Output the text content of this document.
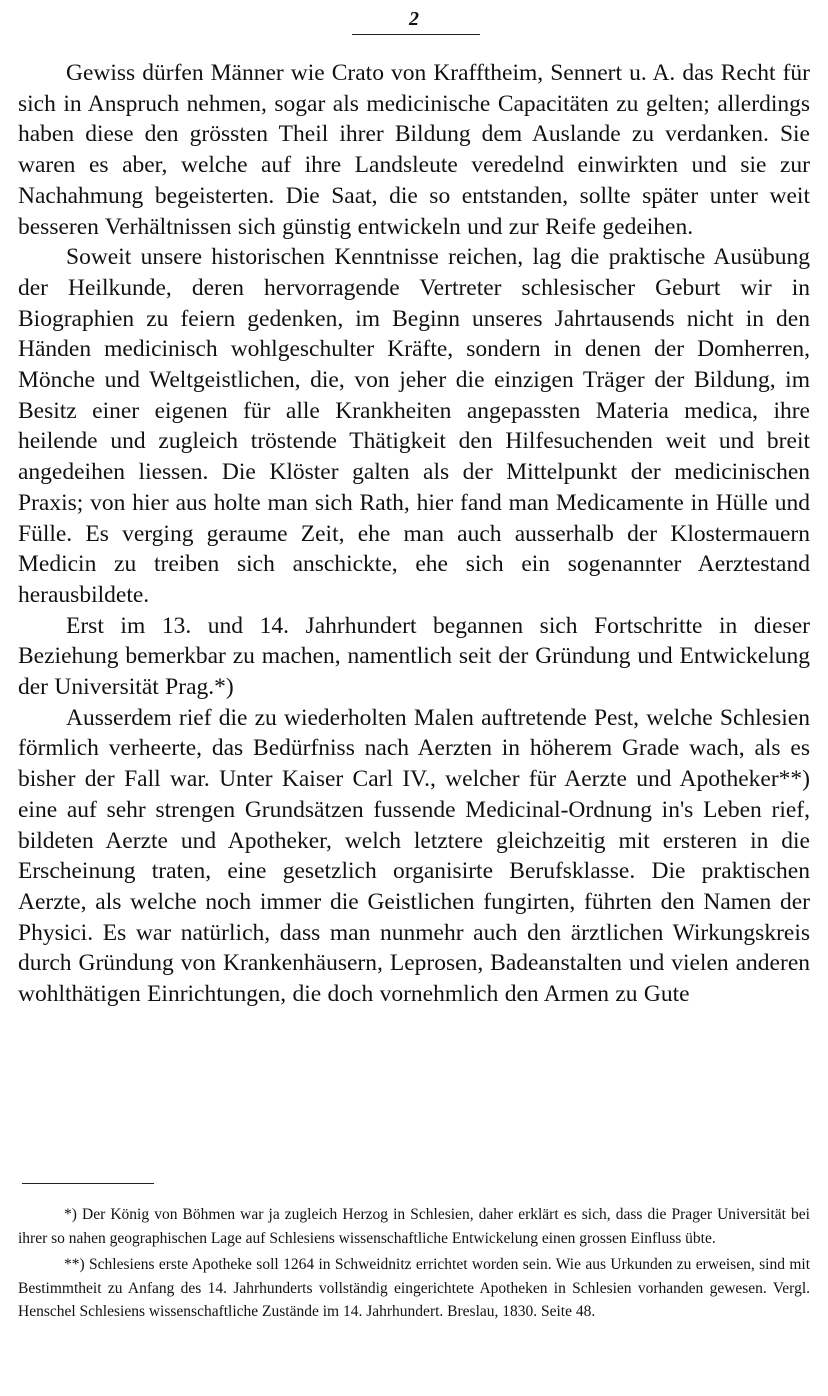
2

Gewiss dürfen Männer wie Crato von Krafftheim, Sennert u. A. das Recht für sich in Anspruch nehmen, sogar als medicinische Capacitäten zu gelten; allerdings haben diese den grössten Theil ihrer Bildung dem Auslande zu verdanken. Sie waren es aber, welche auf ihre Landsleute veredelnd einwirkten und sie zur Nachahmung begeisterten. Die Saat, die so entstanden, sollte später unter weit besseren Verhältnissen sich günstig entwickeln und zur Reife gedeihen.

Soweit unsere historischen Kenntnisse reichen, lag die praktische Ausübung der Heilkunde, deren hervorragende Vertreter schlesischer Geburt wir in Biographien zu feiern gedenken, im Beginn unseres Jahrtausends nicht in den Händen medicinisch wohlgeschulter Kräfte, sondern in denen der Domherren, Mönche und Weltgeistlichen, die, von jeher die einzigen Träger der Bildung, im Besitz einer eigenen für alle Krankheiten angepassten Materia medica, ihre heilende und zugleich tröstende Thätigkeit den Hilfesuchenden weit und breit angedeihen liessen. Die Klöster galten als der Mittelpunkt der medicinischen Praxis; von hier aus holte man sich Rath, hier fand man Medicamente in Hülle und Fülle. Es verging geraume Zeit, ehe man auch ausserhalb der Klostermauern Medicin zu treiben sich anschickte, ehe sich ein sogenannter Aerztestand herausbildete.

Erst im 13. und 14. Jahrhundert begannen sich Fortschritte in dieser Beziehung bemerkbar zu machen, namentlich seit der Gründung und Entwickelung der Universität Prag.*)

Ausserdem rief die zu wiederholten Malen auftretende Pest, welche Schlesien förmlich verheerte, das Bedürfniss nach Aerzten in höherem Grade wach, als es bisher der Fall war. Unter Kaiser Carl IV., welcher für Aerzte und Apotheker**) eine auf sehr strengen Grundsätzen fussende Medicinal-Ordnung in's Leben rief, bildeten Aerzte und Apotheker, welch letztere gleichzeitig mit ersteren in die Erscheinung traten, eine gesetzlich organisirte Berufsklasse. Die praktischen Aerzte, als welche noch immer die Geistlichen fungirten, führten den Namen der Physici. Es war natürlich, dass man nunmehr auch den ärztlichen Wirkungskreis durch Gründung von Krankenhäusern, Leprosen, Badeanstalten und vielen anderen wohlthätigen Einrichtungen, die doch vornehmlich den Armen zu Gute

*) Der König von Böhmen war ja zugleich Herzog in Schlesien, daher erklärt es sich, dass die Prager Universität bei ihrer so nahen geographischen Lage auf Schlesiens wissenschaftliche Entwickelung einen grossen Einfluss übte.

**) Schlesiens erste Apotheke soll 1264 in Schweidnitz errichtet worden sein. Wie aus Urkunden zu erweisen, sind mit Bestimmtheit zu Anfang des 14. Jahrhunderts vollständig eingerichtete Apotheken in Schlesien vorhanden gewesen. Vergl. Henschel Schlesiens wissenschaftliche Zustände im 14. Jahrhundert. Breslau, 1830. Seite 48.
